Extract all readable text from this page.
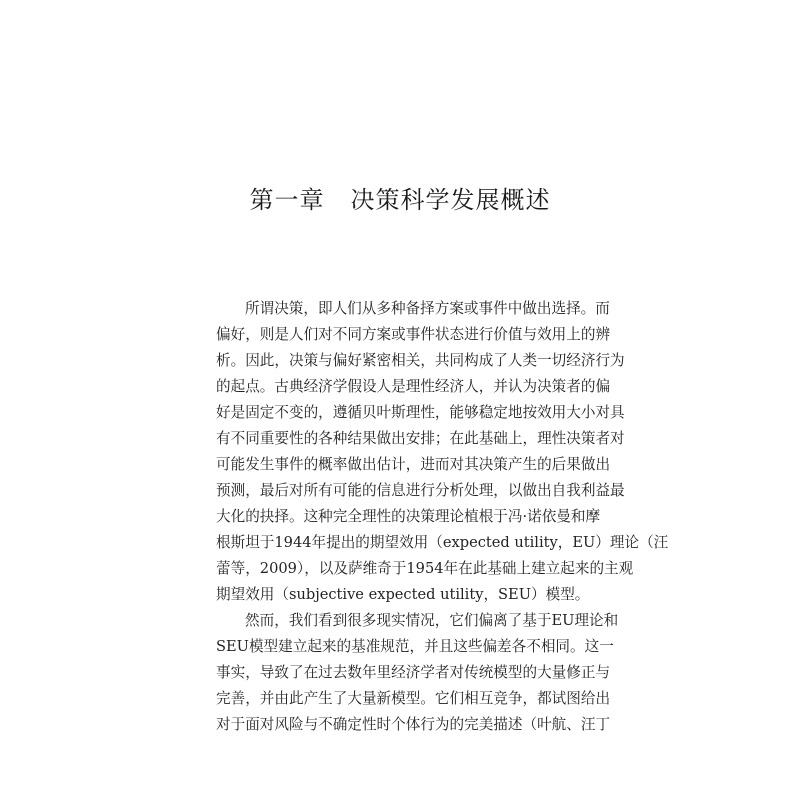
第一章 决策科学发展概述
所谓决策，即人们从多种备择方案或事件中做出选择。而
偏好，则是人们对不同方案或事件状态进行价值与效用上的辨
析。因此，决策与偏好紧密相关，共同构成了人类一切经济行为
的起点。古典经济学假设人是理性经济人，并认为决策者的偏
好是固定不变的，遵循贝叶斯理性，能够稳定地按效用大小对具
有不同重要性的各种结果做出安排；在此基础上，理性决策者对
可能发生事件的概率做出估计，进而对其决策产生的后果做出
预测，最后对所有可能的信息进行分析处理，以做出自我利益最
大化的抉择。这种完全理性的决策理论植根于冯·诺依曼和摩
根斯坦于1944年提出的期望效用（expected utility，EU）理论（汪
蕾等，2009），以及萨维奇于1954年在此基础上建立起来的主观
期望效用（subjective expected utility，SEU）模型。
然而，我们看到很多现实情况，它们偏离了基于EU理论和
SEU模型建立起来的基准规范，并且这些偏差各不相同。这一
事实，导致了在过去数年里经济学者对传统模型的大量修正与
完善，并由此产生了大量新模型。它们相互竞争，都试图给出
对于面对风险与不确定性时个体行为的完美描述（叶航、汪丁
